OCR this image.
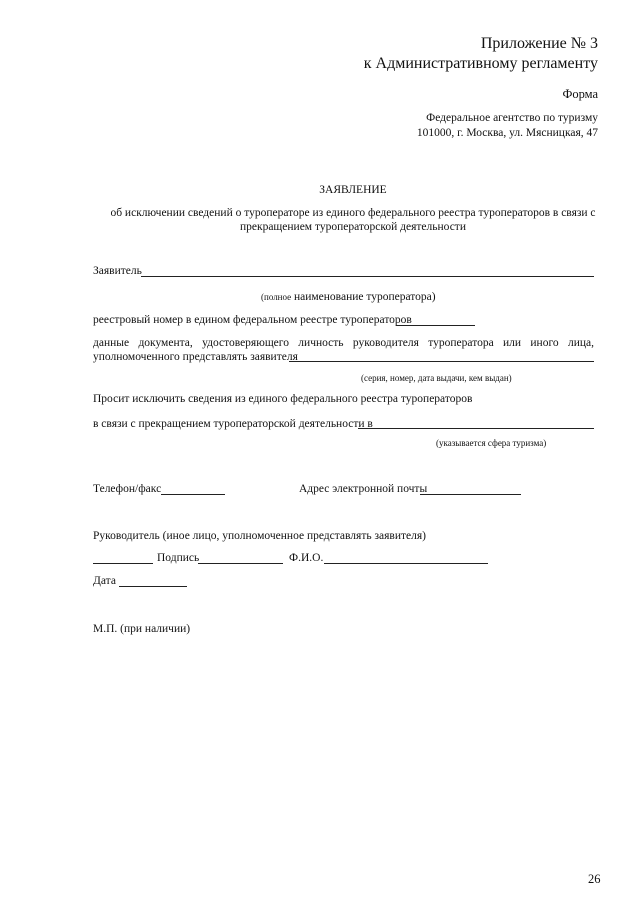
Приложение № 3
к Административному регламенту
Форма
Федеральное агентство по туризму
101000, г. Москва, ул. Мясницкая, 47
ЗАЯВЛЕНИЕ
об исключении сведений о туроператоре из единого федерального реестра туроператоров в связи с
прекращением туроператорской деятельности
Заявитель
(полное наименование туроператора)
реестровый номер в едином федеральном реестре туроператоров
данные документа, удостоверяющего личность руководителя туроператора или иного лица,
уполномоченного представлять заявителя
(серия, номер, дата выдачи, кем выдан)
Просит исключить сведения из единого федерального реестра туроператоров
в связи с прекращением туроператорской деятельности в
(указывается сфера туризма)
Телефон/факс	Адрес электронной почты
Руководитель (иное лицо, уполномоченное представлять заявителя)
Подпись	Ф.И.О.
Дата
М.П. (при наличии)
26
